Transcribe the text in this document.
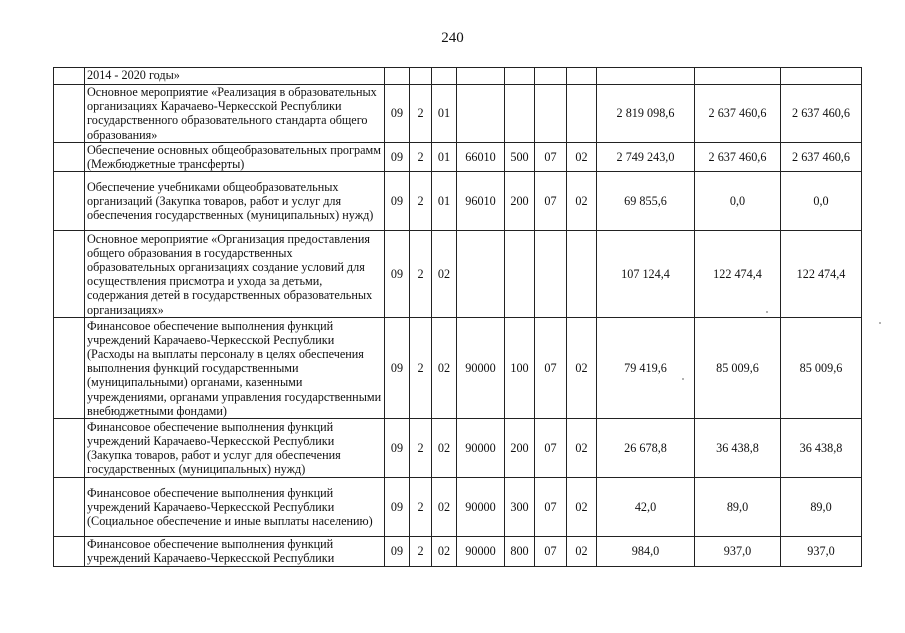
240
	2014 - 2020 годы»										
	Основное мероприятие «Реализация в образовательных организациях Карачаево-Черкесской Республики государственного образовательного стандарта общего образования»	09	2	01					2 819 098,6	2 637 460,6	2 637 460,6
	Обеспечение основных общеобразовательных программ (Межбюджетные трансферты)	09	2	01	66010	500	07	02	2 749 243,0	2 637 460,6	2 637 460,6
	Обеспечение учебниками общеобразовательных организаций (Закупка товаров, работ и услуг для обеспечения государственных (муниципальных) нужд)	09	2	01	96010	200	07	02	69 855,6	0,0	0,0
	Основное мероприятие «Организация предоставления общего образования в государственных образовательных организациях создание условий для осуществления присмотра и ухода за детьми, содержания детей в государственных образовательных организациях»	09	2	02					107 124,4	122 474,4	122 474,4
	Финансовое обеспечение выполнения функций учреждений Карачаево-Черкесской Республики (Расходы на выплаты персоналу в целях обеспечения выполнения функций государственными (муниципальными) органами, казенными учреждениями, органами управления государственными внебюджетными фондами)	09	2	02	90000	100	07	02	79 419,6	85 009,6	85 009,6
	Финансовое обеспечение выполнения функций учреждений Карачаево-Черкесской Республики (Закупка товаров, работ и услуг для обеспечения государственных (муниципальных) нужд)	09	2	02	90000	200	07	02	26 678,8	36 438,8	36 438,8
	Финансовое обеспечение выполнения функций учреждений Карачаево-Черкесской Республики (Социальное обеспечение и иные выплаты населению)	09	2	02	90000	300	07	02	42,0	89,0	89,0
	Финансовое обеспечение выполнения функций учреждений Карачаево-Черкесской Республики	09	2	02	90000	800	07	02	984,0	937,0	937,0
